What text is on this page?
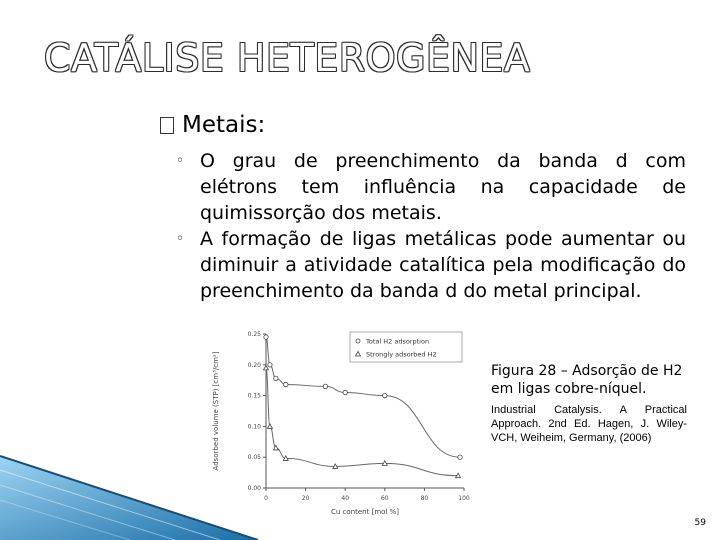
CATÁLISE HETEROGÊNEA
Metais:
◦ O grau de preenchimento da banda d com elétrons tem influência na capacidade de quimissorção dos metais.
◦ A formação de ligas metálicas pode aumentar ou diminuir a atividade catalítica pela modificação do preenchimento da banda d do metal principal.
0	20	40	60	80	100
0.00
0.05
0.10
0.15
0.20
0.25
Cu content [mol %]
Adsorbed volume (STP) [cm³/cm²]
Total H2 adsorption
Strongly adsorbed H2
Figura 28 – Adsorção de H2 em ligas cobre-níquel.
Industrial Catalysis. A Practical Approach. 2nd Ed. Hagen, J. Wiley-VCH, Weiheim, Germany, (2006)
59
